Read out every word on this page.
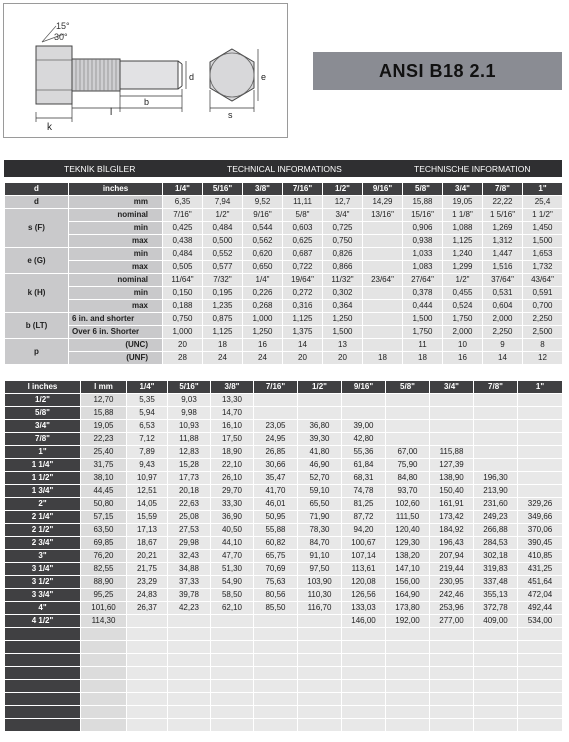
15°
30°
d
k
b
l
e
s
ANSI B18 2.1
TEKNİK BİLGİLER	TECHNICAL INFORMATIONS	TECHNISCHE INFORMATION
d	inches	1/4"	5/16"	3/8"	7/16"	1/2"	9/16"	5/8"	3/4"	7/8"	1"
d	mm	6,35	7,94	9,52	11,11	12,7	14,29	15,88	19,05	22,22	25,4
s (F)	nominal	7/16"	1/2"	9/16"	5/8"	3/4"	13/16"	15/16"	1 1/8"	1 5/16"	1 1/2"
	min	0,425	0,484	0,544	0,603	0,725		0,906	1,088	1,269	1,450
	max	0,438	0,500	0,562	0,625	0,750		0,938	1,125	1,312	1,500
e (G)	min	0,484	0,552	0,620	0,687	0,826		1,033	1,240	1,447	1,653
	max	0,505	0,577	0,650	0,722	0,866		1,083	1,299	1,516	1,732
k (H)	nominal	11/64"	7/32"	1/4"	19/64"	11/32"	23/64"	27/64"	1/2"	37/64"	43/64"
	min	0,150	0,195	0,226	0,272	0,302		0,378	0,455	0,531	0,591
	max	0,188	1,235	0,268	0,316	0,364		0,444	0,524	0,604	0,700
b (LT)	6 in. and shorter	0,750	0,875	1,000	1,125	1,250		1,500	1,750	2,000	2,250
	Over 6 in. Shorter	1,000	1,125	1,250	1,375	1,500		1,750	2,000	2,250	2,500
p	(UNC)	20	18	16	14	13		11	10	9	8
	(UNF)	28	24	24	20	20	18	18	16	14	12
l inches	l mm	1/4"	5/16"	3/8"	7/16"	1/2"	9/16"	5/8"	3/4"	7/8"	1"
1/2"	12,70	5,35	9,03	13,30							
5/8"	15,88	5,94	9,98	14,70							
3/4"	19,05	6,53	10,93	16,10	23,05	36,80	39,00				
7/8"	22,23	7,12	11,88	17,50	24,95	39,30	42,80				
1"	25,40	7,89	12,83	18,90	26,85	41,80	55,36	67,00	115,88		
1 1/4"	31,75	9,43	15,28	22,10	30,66	46,90	61,84	75,90	127,39		
1 1/2"	38,10	10,97	17,73	26,10	35,47	52,70	68,31	84,80	138,90	196,30	
1 3/4"	44,45	12,51	20,18	29,70	41,70	59,10	74,78	93,70	150,40	213,90	
2"	50,80	14,05	22,63	33,30	46,01	65,50	81,25	102,60	161,91	231,60	329,26
2 1/4"	57,15	15,59	25,08	36,90	50,95	71,90	87,72	111,50	173,42	249,23	349,66
2 1/2"	63,50	17,13	27,53	40,50	55,88	78,30	94,20	120,40	184,92	266,88	370,06
2 3/4"	69,85	18,67	29,98	44,10	60,82	84,70	100,67	129,30	196,43	284,53	390,45
3"	76,20	20,21	32,43	47,70	65,75	91,10	107,14	138,20	207,94	302,18	410,85
3 1/4"	82,55	21,75	34,88	51,30	70,69	97,50	113,61	147,10	219,44	319,83	431,25
3 1/2"	88,90	23,29	37,33	54,90	75,63	103,90	120,08	156,00	230,95	337,48	451,64
3 3/4"	95,25	24,83	39,78	58,50	80,56	110,30	126,56	164,90	242,46	355,13	472,04
4"	101,60	26,37	42,23	62,10	85,50	116,70	133,03	173,80	253,96	372,78	492,44
4 1/2"	114,30						146,00	192,00	277,00	409,00	534,00
